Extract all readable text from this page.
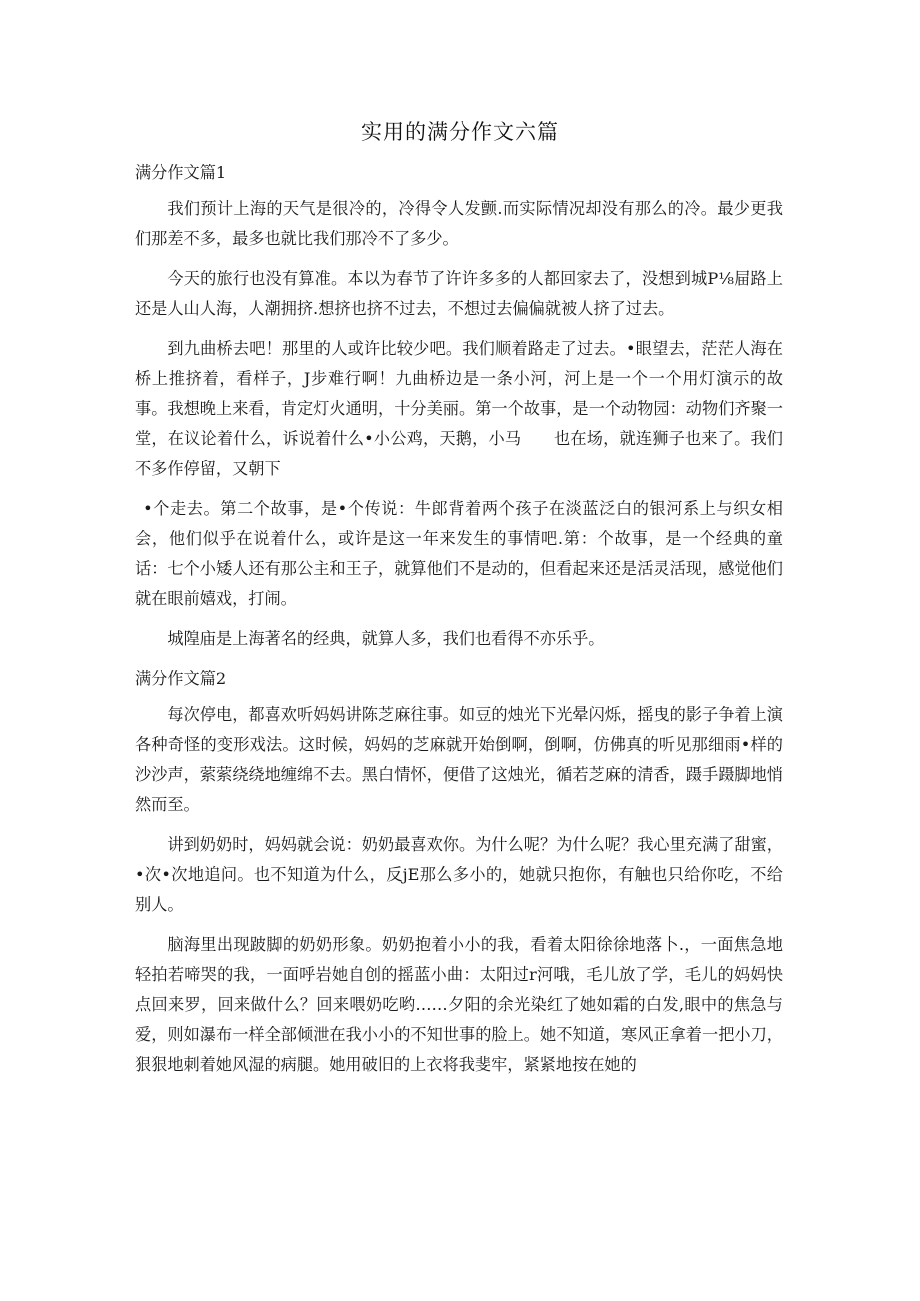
实用的满分作文六篇

满分作文篇1

我们预计上海的天气是很冷的，冷得令人发颤.而实际情况却没有那么的冷。最少更我们那差不多，最多也就比我们那冷不了多少。

今天的旅行也没有算准。本以为春节了许许多多的人都回家去了，没想到城P⅛屇路上还是人山人海，人潮拥挤.想挤也挤不过去，不想过去偏偏就被人挤了过去。

到九曲桥去吧！那里的人或许比较少吧。我们顺着路走了过去。•眼望去，茫茫人海在桥上推挤着，看样子，J步难行啊！九曲桥边是一条小河，河上是一个一个用灯演示的故事。我想晚上来看，肯定灯火通明，十分美丽。第一个故事，是一个动物园：动物们齐聚一堂，在议论着什么，诉说着什么•小公鸡，天鹅，小马　　也在场，就连狮子也来了。我们不多作停留，又朝下

•个走去。第二个故事，是•个传说：牛郎背着两个孩子在淡蓝泛白的银河系上与织女相会，他们似乎在说着什么，或许是这一年来发生的事情吧.第：个故事，是一个经典的童话：七个小矮人还有那公主和王子，就算他们不是动的，但看起来还是活灵活现，感觉他们就在眼前嬉戏，打闹。

城隍庙是上海著名的经典，就算人多，我们也看得不亦乐乎。

满分作文篇2

每次停电，都喜欢听妈妈讲陈芝麻往事。如豆的烛光下光晕闪烁，摇曳的影子争着上演各种奇怪的变形戏法。这时候，妈妈的芝麻就开始倒啊，倒啊，仿佛真的听见那细雨•样的沙沙声，萦萦绕绕地缠绵不去。黑白情怀，便借了这烛光，循若芝麻的清香，蹑手蹑脚地悄然而至。

讲到奶奶时，妈妈就会说：奶奶最喜欢你。为什么呢？为什么呢？我心里充满了甜蜜，•次•次地追问。也不知道为什么，反jE那么多小的，她就只抱你，有触也只给你吃，不给别人。

脑海里出现跛脚的奶奶形象。奶奶抱着小小的我，看着太阳徐徐地落卜.，一面焦急地轻拍若啼哭的我，一面呼岩她自创的摇蓝小曲：太阳过r河哦，毛儿放了学，毛儿的妈妈快点回来罗，回来做什么？回来喂奶吃哟……夕阳的余光染红了她如霜的白发,眼中的焦急与爱，则如瀑布一样全部倾泄在我小小的不知世事的脸上。她不知道，寒风正拿着一把小刀，狠狠地刺着她风湿的病腿。她用破旧的上衣将我斐牢，紧紧地按在她的
